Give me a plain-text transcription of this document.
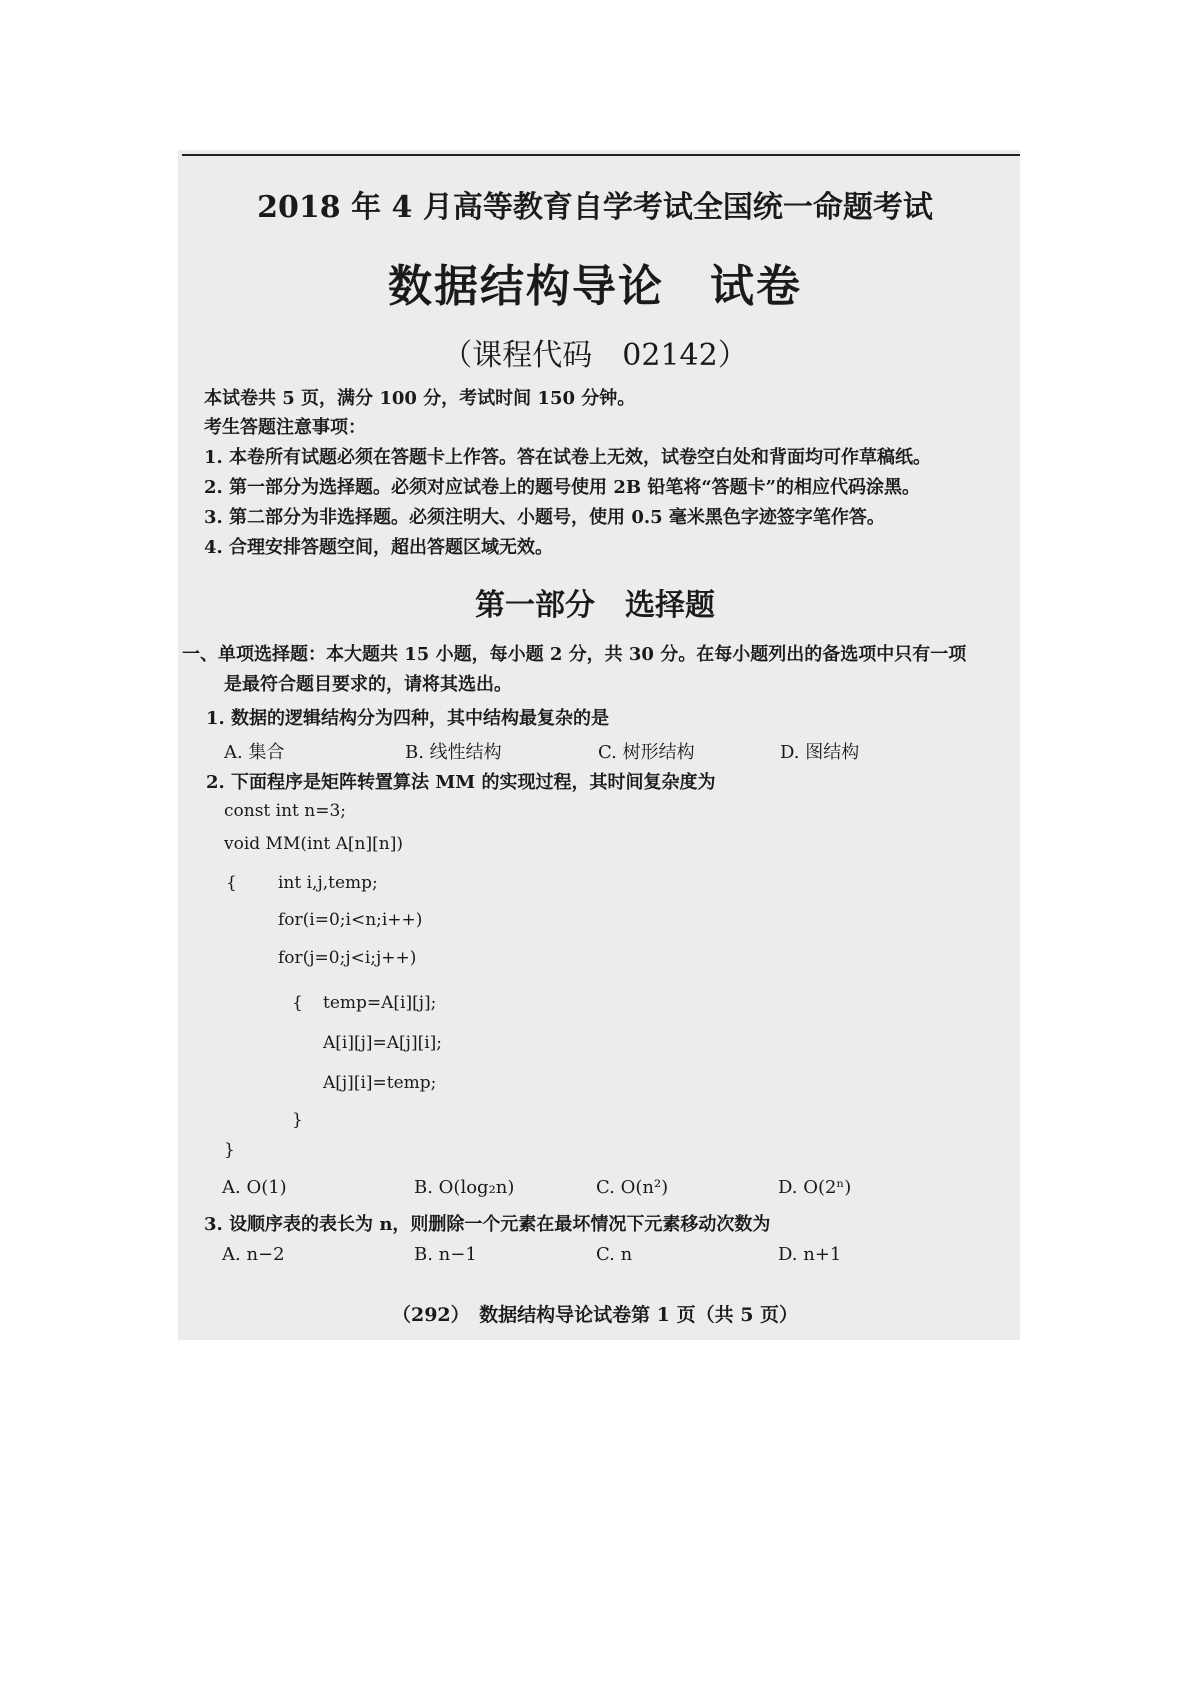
2018 年 4 月高等教育自学考试全国统一命题考试
数据结构导论　试卷
（课程代码　02142）
本试卷共 5 页，满分 100 分，考试时间 150 分钟。
考生答题注意事项：
1. 本卷所有试题必须在答题卡上作答。答在试卷上无效，试卷空白处和背面均可作草稿纸。
2. 第一部分为选择题。必须对应试卷上的题号使用 2B 铅笔将“答题卡”的相应代码涂黑。
3. 第二部分为非选择题。必须注明大、小题号，使用 0.5 毫米黑色字迹签字笔作答。
4. 合理安排答题空间，超出答题区域无效。
第一部分　选择题
一、单项选择题：本大题共 15 小题，每小题 2 分，共 30 分。在每小题列出的备选项中只有一项
是最符合题目要求的，请将其选出。
1. 数据的逻辑结构分为四种，其中结构最复杂的是
A. 集合	B. 线性结构	C. 树形结构	D. 图结构
2. 下面程序是矩阵转置算法 MM 的实现过程，其时间复杂度为
const int n=3;
void MM(int A[n][n])
{ int i,j,temp;
for(i=0;i<n;i++)
for(j=0;j<i;j++)
{ temp=A[i][j];
A[i][j]=A[j][i];
A[j][i]=temp;
}
}
A. O(1)	B. O(log₂n)	C. O(n²)	D. O(2ⁿ)
3. 设顺序表的表长为 n，则删除一个元素在最坏情况下元素移动次数为
A. n−2	B. n−1	C. n	D. n+1
（292）　数据结构导论试卷第 1 页（共 5 页）
